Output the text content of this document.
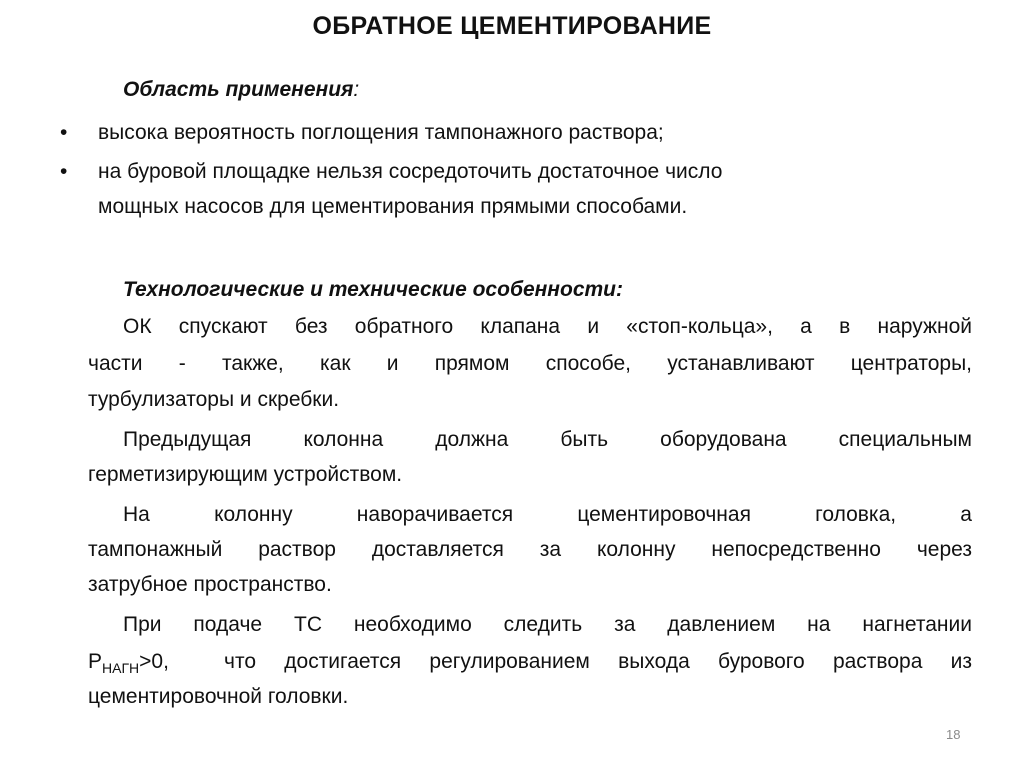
ОБРАТНОЕ ЦЕМЕНТИРОВАНИЕ
Область применения:
• высока вероятность поглощения тампонажного раствора;
• на буровой площадке нельзя сосредоточить достаточное число
мощных насосов для цементирования прямыми способами.
Технологические и технические особенности:
ОК спускают без обратного клапана и «стоп-кольца», а в наружной
части - также, как и прямом способе, устанавливают центраторы,
турбулизаторы и скребки.
Предыдущая колонна должна быть оборудована специальным
герметизирующим устройством.
На колонну наворачивается цементировочная головка, а
тампонажный раствор доставляется за колонну непосредственно через
затрубное пространство.
При подаче ТС необходимо следить за давлением на нагнетании
$Р_{НАГН}>0$,	что достигается регулированием выхода бурового раствора из
цементировочной головки.
18
